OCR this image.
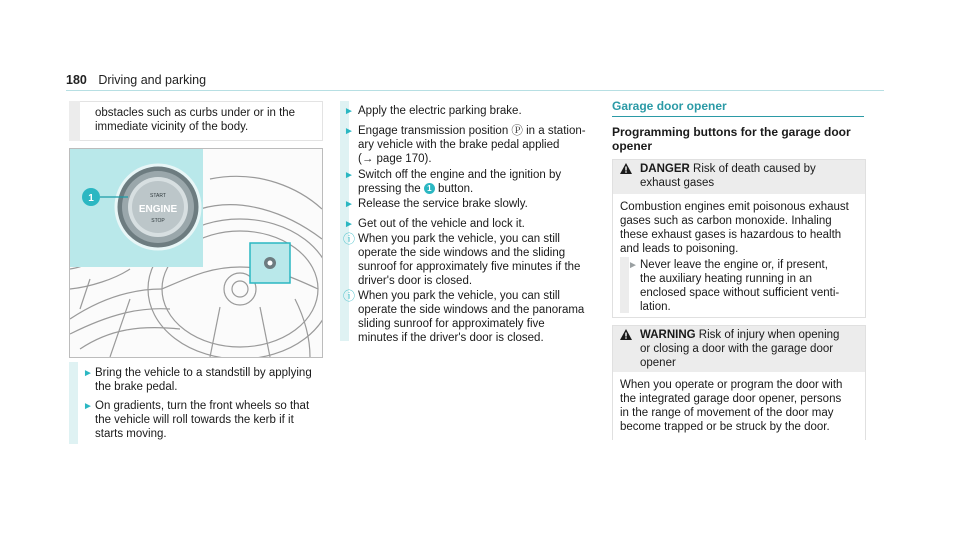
180 Driving and parking
obstacles such as curbs under or in the
immediate vicinity of the body.
START
ENGINE
STOP
1
► Bring the vehicle to a standstill by applying
the brake pedal.
► On gradients, turn the front wheels so that
the vehicle will roll towards the kerb if it
starts moving.
► Apply the electric parking brake.
► Engage transmission position Ⓟ in a station-
ary vehicle with the brake pedal applied
(→ page 170).
► Switch off the engine and the ignition by
pressing the 1 button.
► Release the service brake slowly.
► Get out of the vehicle and lock it.
ⓘ When you park the vehicle, you can still
operate the side windows and the sliding
sunroof for approximately five minutes if the
driver's door is closed.
ⓘ When you park the vehicle, you can still
operate the side windows and the panorama
sliding sunroof for approximately five
minutes if the driver's door is closed.
Garage door opener
Programming buttons for the garage door
opener
DANGER Risk of death caused by
exhaust gases
Combustion engines emit poisonous exhaust
gases such as carbon monoxide. Inhaling
these exhaust gases is hazardous to health
and leads to poisoning.
► Never leave the engine or, if present,
the auxiliary heating running in an
enclosed space without sufficient venti-
lation.
WARNING Risk of injury when opening
or closing a door with the garage door
opener
When you operate or program the door with
the integrated garage door opener, persons
in the range of movement of the door may
become trapped or be struck by the door.
